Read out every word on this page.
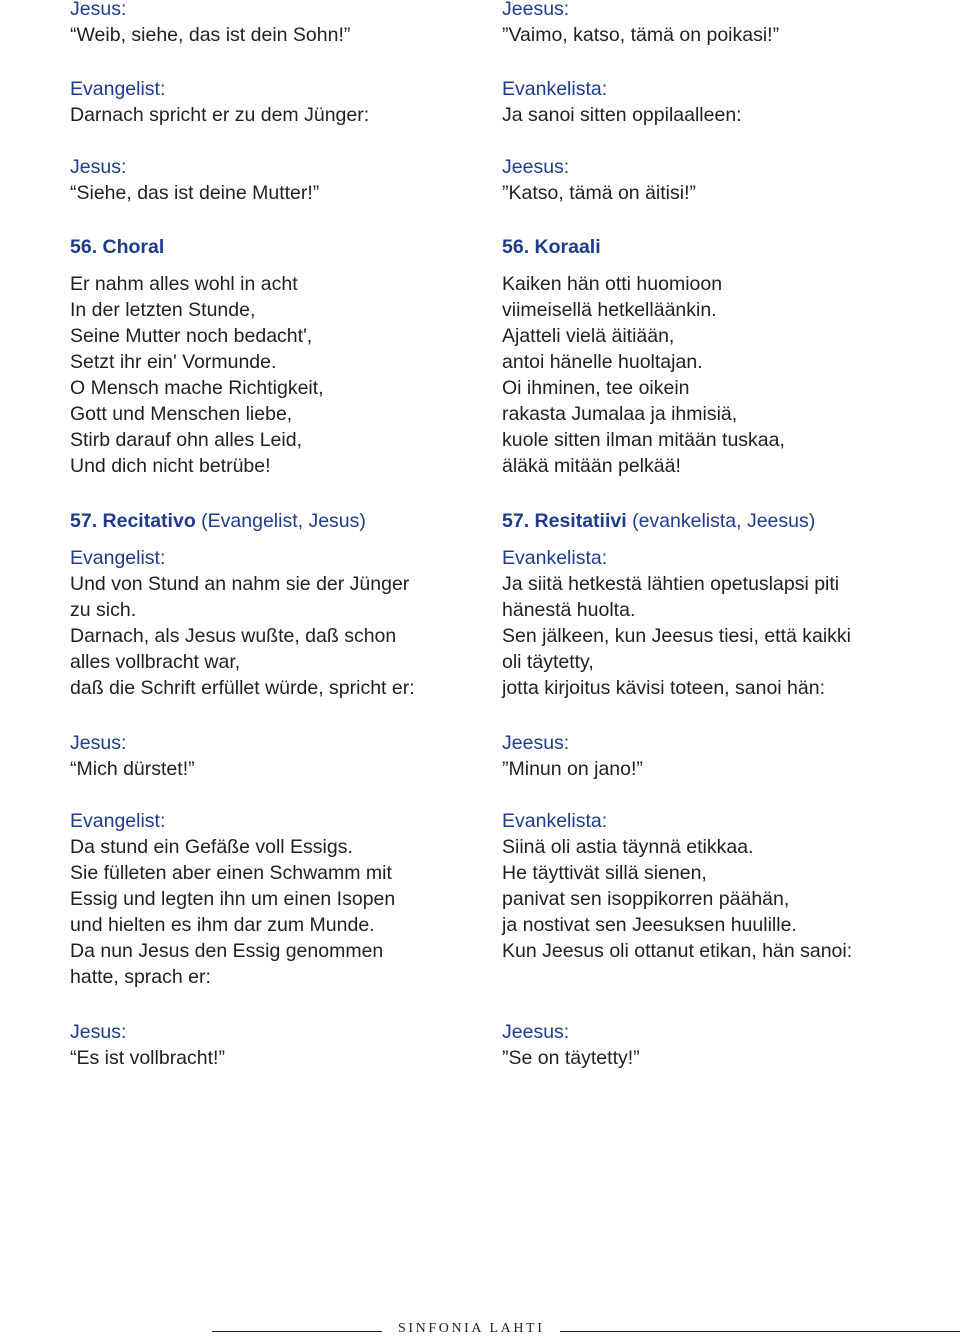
Jesus:
“Weib, siehe, das ist dein Sohn!”
Evangelist:
Darnach spricht er zu dem Jünger:
Jesus:
“Siehe, das ist deine Mutter!”
56. Choral
Er nahm alles wohl in acht
In der letzten Stunde,
Seine Mutter noch bedacht',
Setzt ihr ein' Vormunde.
O Mensch mache Richtigkeit,
Gott und Menschen liebe,
Stirb darauf ohn alles Leid,
Und dich nicht betrübe!
57. Recitativo (Evangelist, Jesus)
Evangelist:
Und von Stund an nahm sie der Jünger
zu sich.
Darnach, als Jesus wußte, daß schon
alles vollbracht war,
daß die Schrift erfüllet würde, spricht er:
Jesus:
“Mich dürstet!”
Evangelist:
Da stund ein Gefäße voll Essigs.
Sie fülleten aber einen Schwamm mit
Essig und legten ihn um einen Isopen
und hielten es ihm dar zum Munde.
Da nun Jesus den Essig genommen
hatte, sprach er:
Jesus:
“Es ist vollbracht!”
Jeesus:
”Vaimo, katso, tämä on poikasi!”
Evankelista:
Ja sanoi sitten oppilaalleen:
Jeesus:
”Katso, tämä on äitisi!”
56. Koraali
Kaiken hän otti huomioon
viimeisellä hetkelläänkin.
Ajatteli vielä äitiään,
antoi hänelle huoltajan.
Oi ihminen, tee oikein
rakasta Jumalaa ja ihmisiä,
kuole sitten ilman mitään tuskaa,
äläkä mitään pelkää!
57. Resitatiivi (evankelista, Jeesus)
Evankelista:
Ja siitä hetkestä lähtien opetuslapsi piti
hänestä huolta.
Sen jälkeen, kun Jeesus tiesi, että kaikki
oli täytetty,
jotta kirjoitus kävisi toteen, sanoi hän:
Jeesus:
”Minun on jano!”
Evankelista:
Siinä oli astia täynnä etikkaa.
He täyttivät sillä sienen,
panivat sen isoppikorren päähän,
ja nostivat sen Jeesuksen huulille.
Kun Jeesus oli ottanut etikan, hän sanoi:
Jeesus:
”Se on täytetty!”
SINFONIA LAHTI
